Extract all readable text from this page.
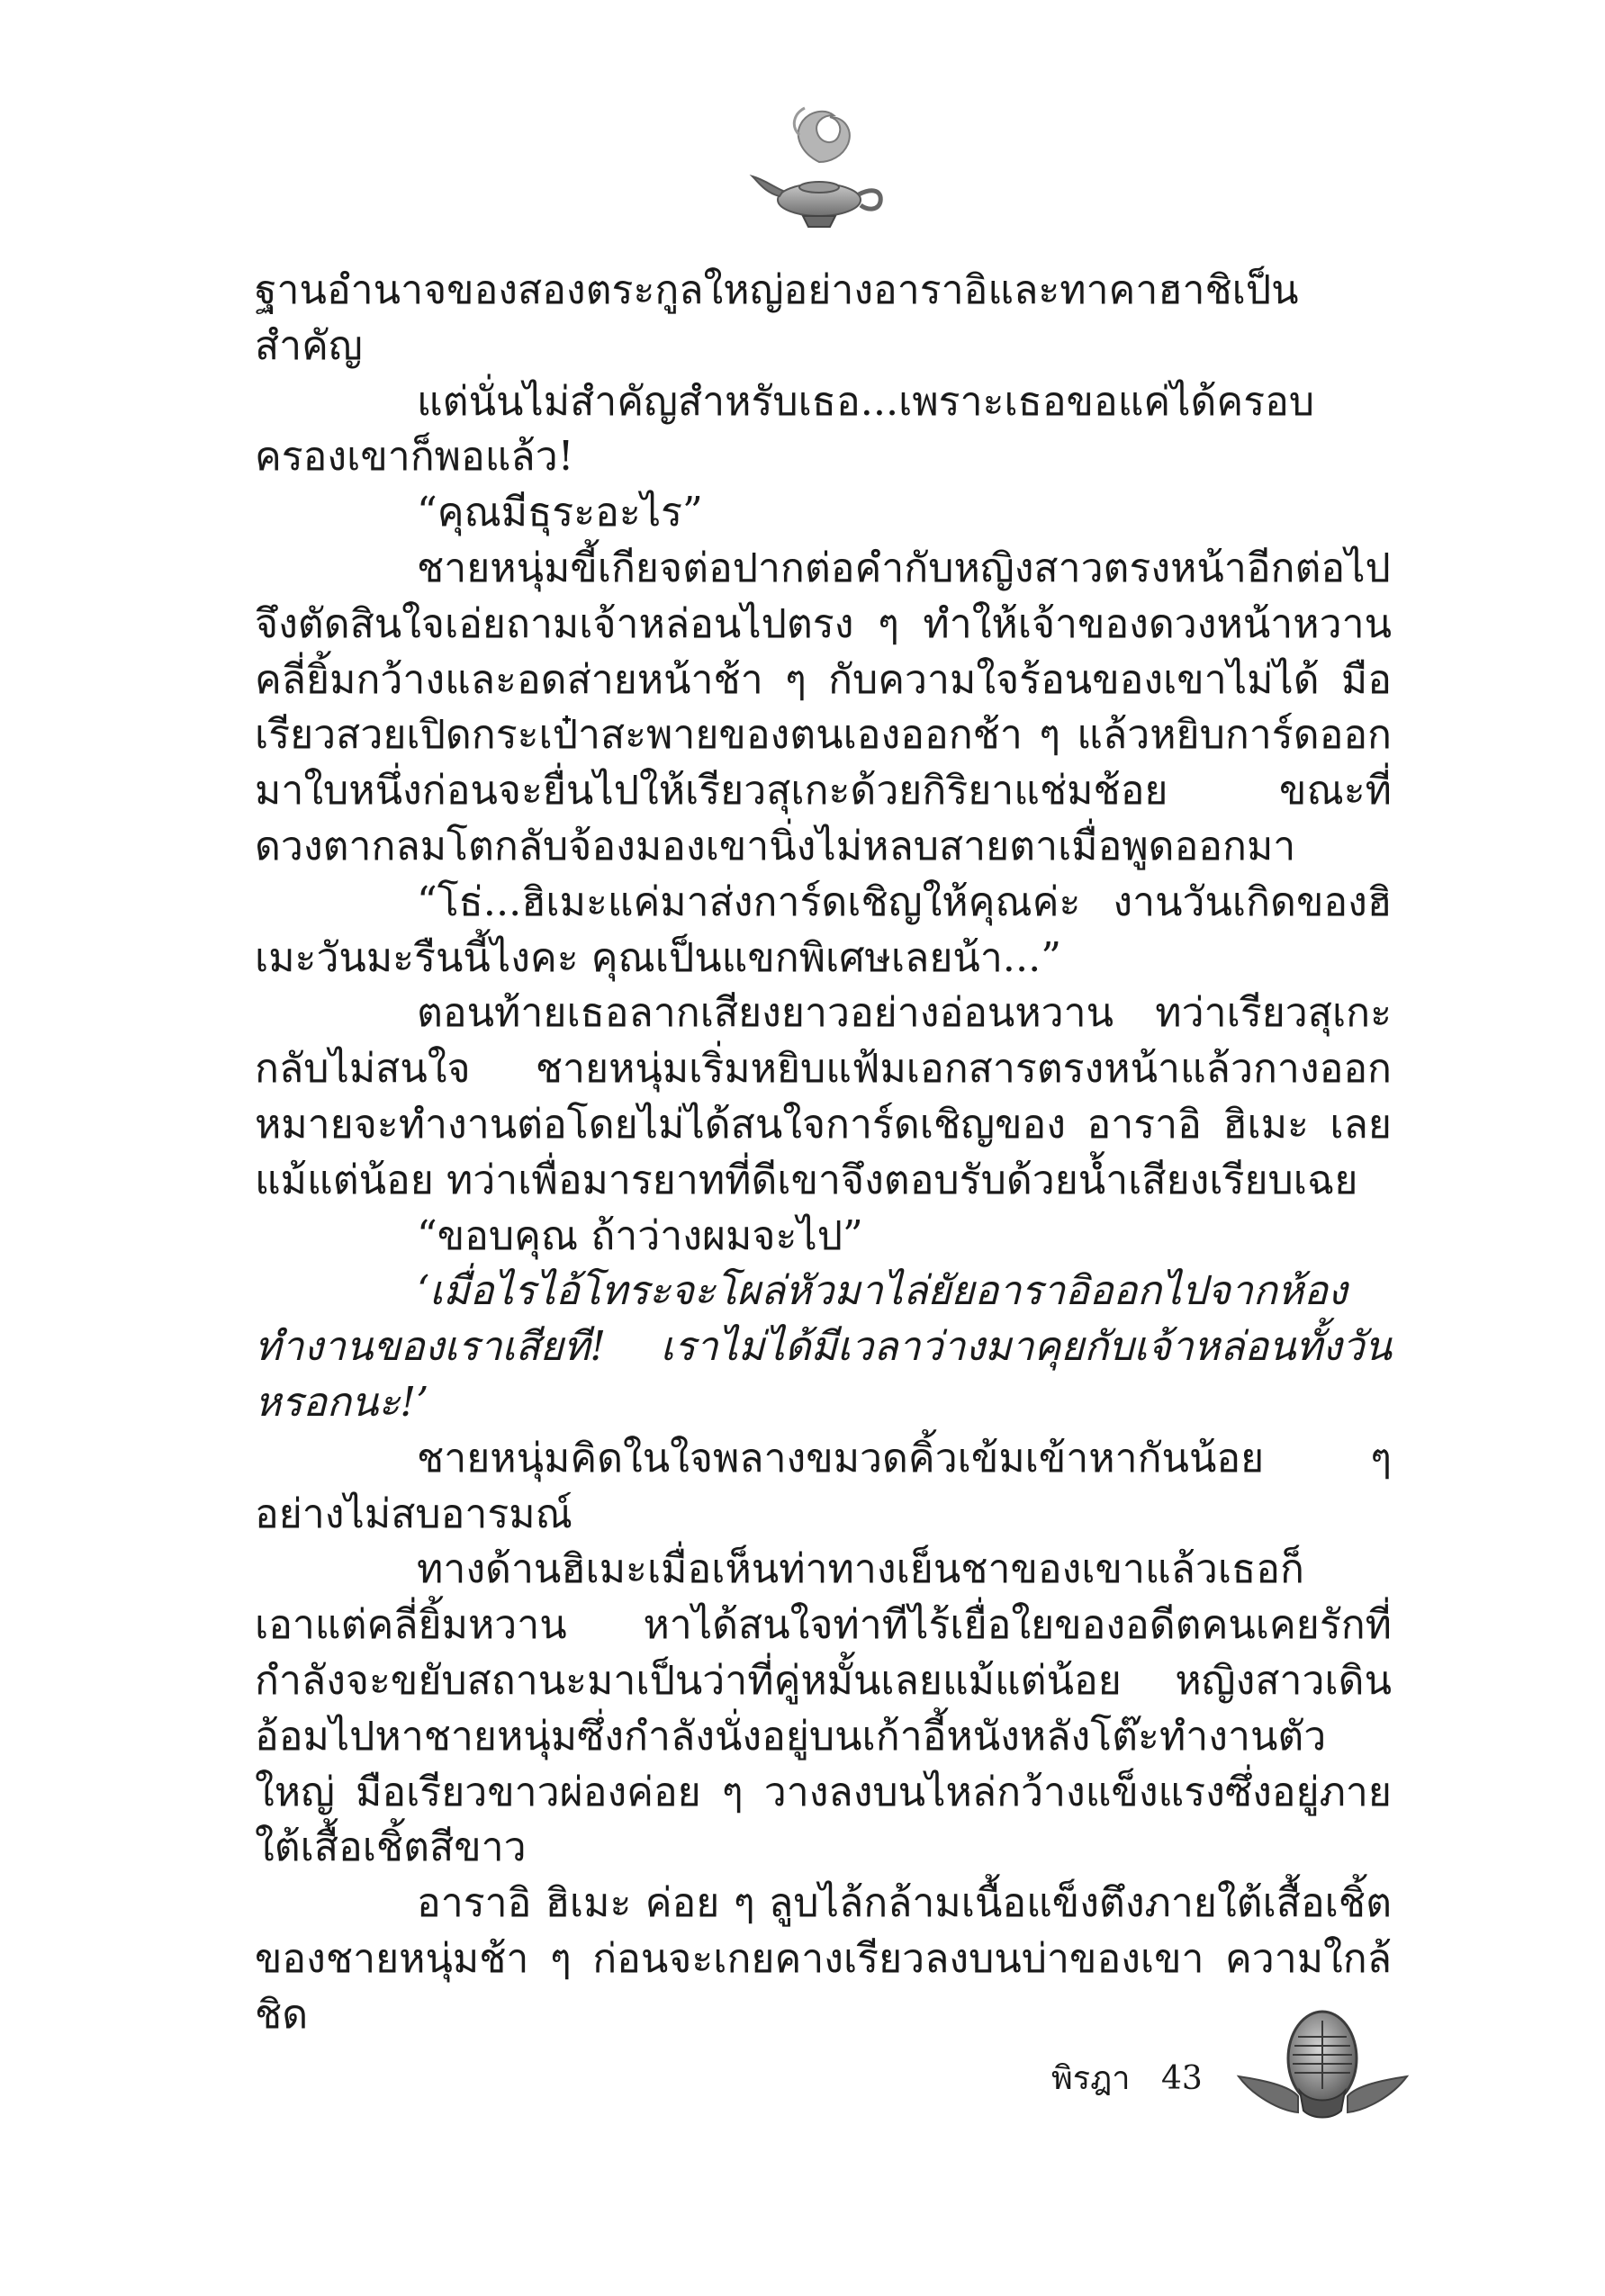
ฐานอำนาจของสองตระกูลใหญ่อย่างอาราอิและทาคาฮาชิเป็นสำคัญ

แต่นั่นไม่สำคัญสำหรับเธอ...เพราะเธอขอแค่ได้ครอบครองเขาก็พอแล้ว!

“คุณมีธุระอะไร”

ชายหนุ่มขี้เกียจต่อปากต่อคำกับหญิงสาวตรงหน้าอีกต่อไปจึงตัดสินใจเอ่ยถามเจ้าหล่อนไปตรง ๆ ทำให้เจ้าของดวงหน้าหวานคลี่ยิ้มกว้างและอดส่ายหน้าช้า ๆ กับความใจร้อนของเขาไม่ได้ มือเรียวสวยเปิดกระเป๋าสะพายของตนเองออกช้า ๆ แล้วหยิบการ์ดออกมาใบหนึ่งก่อนจะยื่นไปให้เรียวสุเกะด้วยกิริยาแช่มช้อย ขณะที่ดวงตากลมโตกลับจ้องมองเขานิ่งไม่หลบสายตาเมื่อพูดออกมา

“โธ่...ฮิเมะแค่มาส่งการ์ดเชิญให้คุณค่ะ งานวันเกิดของฮิเมะวันมะรืนนี้ไงคะ คุณเป็นแขกพิเศษเลยน้า...”

ตอนท้ายเธอลากเสียงยาวอย่างอ่อนหวาน ทว่าเรียวสุเกะกลับไม่สนใจ ชายหนุ่มเริ่มหยิบแฟ้มเอกสารตรงหน้าแล้วกางออกหมายจะทำงานต่อโดยไม่ได้สนใจการ์ดเชิญของ อาราอิ ฮิเมะ เลยแม้แต่น้อย ทว่าเพื่อมารยาทที่ดีเขาจึงตอบรับด้วยน้ำเสียงเรียบเฉย

“ขอบคุณ ถ้าว่างผมจะไป”

‘เมื่อไรไอ้โทระจะโผล่หัวมาไล่ยัยอาราอิออกไปจากห้องทำงานของเราเสียที! เราไม่ได้มีเวลาว่างมาคุยกับเจ้าหล่อนทั้งวันหรอกนะ!’

ชายหนุ่มคิดในใจพลางขมวดคิ้วเข้มเข้าหากันน้อย ๆ อย่างไม่สบอารมณ์

ทางด้านฮิเมะเมื่อเห็นท่าทางเย็นชาของเขาแล้วเธอก็เอาแต่คลี่ยิ้มหวาน หาได้สนใจท่าทีไร้เยื่อใยของอดีตคนเคยรักที่กำลังจะขยับสถานะมาเป็นว่าที่คู่หมั้นเลยแม้แต่น้อย หญิงสาวเดินอ้อมไปหาชายหนุ่มซึ่งกำลังนั่งอยู่บนเก้าอี้หนังหลังโต๊ะทำงานตัวใหญ่ มือเรียวขาวผ่องค่อย ๆ วางลงบนไหล่กว้างแข็งแรงซึ่งอยู่ภายใต้เสื้อเชิ้ตสีขาว

อาราอิ ฮิเมะ ค่อย ๆ ลูบไล้กล้ามเนื้อแข็งตึงภายใต้เสื้อเชิ้ตของชายหนุ่มช้า ๆ ก่อนจะเกยคางเรียวลงบนบ่าของเขา ความใกล้ชิด

พิรฎา 43
